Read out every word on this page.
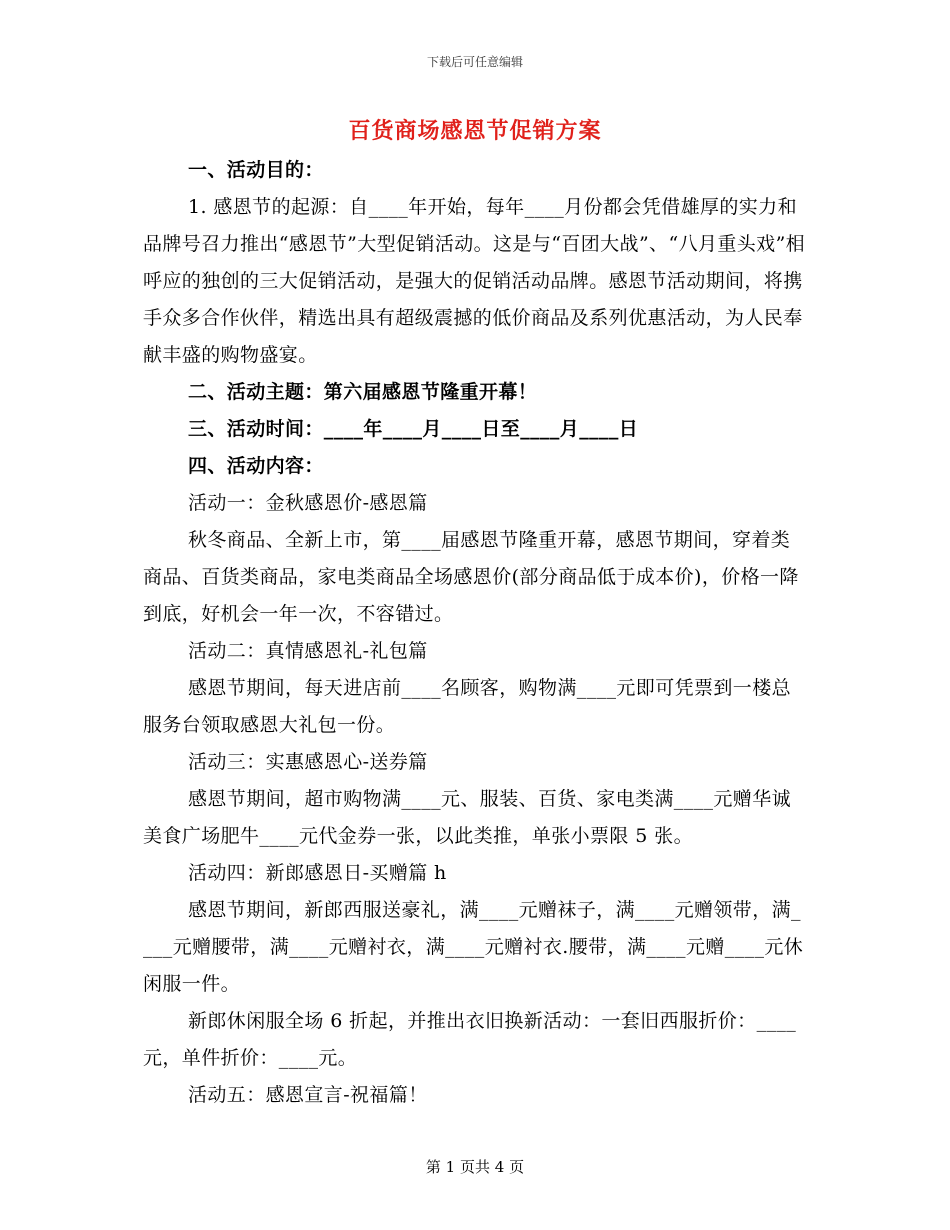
下载后可任意编辑
百货商场感恩节促销方案

一、活动目的：

1. 感恩节的起源：自____年开始，每年____月份都会凭借雄厚的实力和品牌号召力推出“感恩节”大型促销活动。这是与“百团大战”、“八月重头戏”相呼应的独创的三大促销活动，是强大的促销活动品牌。感恩节活动期间，将携手众多合作伙伴，精选出具有超级震撼的低价商品及系列优惠活动，为人民奉献丰盛的购物盛宴。

二、活动主题：第六届感恩节隆重开幕！

三、活动时间：____年____月____日至____月____日

四、活动内容：

活动一：金秋感恩价-感恩篇

秋冬商品、全新上市，第____届感恩节隆重开幕，感恩节期间，穿着类商品、百货类商品，家电类商品全场感恩价(部分商品低于成本价)，价格一降到底，好机会一年一次，不容错过。

活动二：真情感恩礼-礼包篇

感恩节期间，每天进店前____名顾客，购物满____元即可凭票到一楼总服务台领取感恩大礼包一份。

活动三：实惠感恩心-送券篇

感恩节期间，超市购物满____元、服装、百货、家电类满____元赠华诚美食广场肥牛____元代金券一张，以此类推，单张小票限 5 张。

活动四：新郎感恩日-买赠篇 h

感恩节期间，新郎西服送豪礼，满____元赠袜子，满____元赠领带，满____元赠腰带，满____元赠衬衣，满____元赠衬衣.腰带，满____元赠____元休闲服一件。

新郎休闲服全场 6 折起，并推出衣旧换新活动：一套旧西服折价：____元，单件折价：____元。

活动五：感恩宣言-祝福篇！

第 1 页共 4 页
